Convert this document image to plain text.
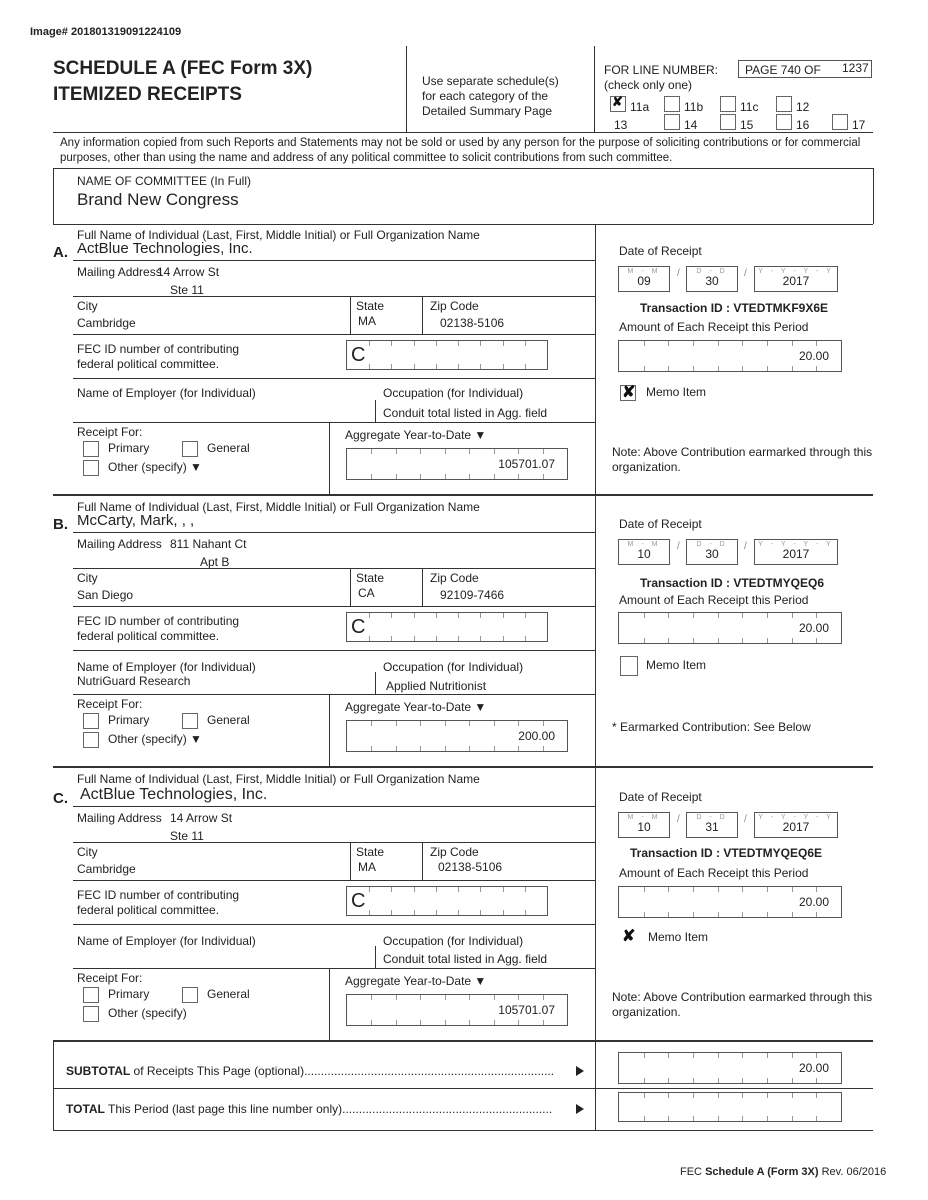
Image# 201801319091224109
SCHEDULE A (FEC Form 3X)
ITEMIZED RECEIPTS
Use separate schedule(s)
for each category of the
Detailed Summary Page
FOR LINE NUMBER:
(check only one)
PAGE 740 OF 1237
✘ 11a	11b	11c	12
13	14	15	16	17
Any information copied from such Reports and Statements may not be sold or used by any person for the purpose of soliciting contributions or for commercial purposes, other than using the name and address of any political committee to solicit contributions from such committee.
NAME OF COMMITTEE (In Full)
Brand New Congress
Full Name of Individual (Last, First, Middle Initial) or Full Organization Name
A. ActBlue Technologies, Inc.
Mailing Address
14 Arrow St
Ste 11
City
Cambridge
State
MA
Zip Code
02138-5106
FEC ID number of contributing
federal political committee.	C
Name of Employer (for Individual)	Occupation (for Individual)
Conduit total listed in Agg. field
Receipt For:
Primary	General
Other (specify) ▼
Aggregate Year-to-Date ▼
105701.07
Date of Receipt
M - M
09
/	D - D
30
/	Y - Y - Y - Y
2017
Transaction ID : VTEDTMKF9X6E
Amount of Each Receipt this Period
20.00
✘ Memo Item
Note: Above Contribution earmarked through this organization.
Full Name of Individual (Last, First, Middle Initial) or Full Organization Name
B. McCarty, Mark, , ,
Mailing Address 811 Nahant Ct
Apt B
City
San Diego
State
CA
Zip Code
92109-7466
FEC ID number of contributing
federal political committee.	C
Name of Employer (for Individual)
NutriGuard Research
Occupation (for Individual)
Applied Nutritionist
Receipt For:
Primary	General
Other (specify) ▼
Aggregate Year-to-Date ▼
200.00
Date of Receipt
M - M
10
/	D - D
30
/	Y - Y - Y - Y
2017
Transaction ID : VTEDTMYQEQ6
Amount of Each Receipt this Period
20.00
Memo Item
* Earmarked Contribution: See Below
Full Name of Individual (Last, First, Middle Initial) or Full Organization Name
C. ActBlue Technologies, Inc.
Mailing Address 14 Arrow St
Ste 11
City
Cambridge
State
MA
Zip Code
02138-5106
FEC ID number of contributing
federal political committee.	C
Name of Employer (for Individual)	Occupation (for Individual)
Conduit total listed in Agg. field
Receipt For:
Primary	General
Other (specify)
Aggregate Year-to-Date ▼
105701.07
Date of Receipt
M - M
10
/	D - D
31
/	Y - Y - Y - Y
2017
Transaction ID : VTEDTMYQEQ6E
Amount of Each Receipt this Period
20.00
✘ Memo Item
Note: Above Contribution earmarked through this organization.
SUBTOTAL of Receipts This Page (optional)...........................................................................	20.00
TOTAL This Period (last page this line number only)...............................................................
FEC Schedule A (Form 3X) Rev. 06/2016
